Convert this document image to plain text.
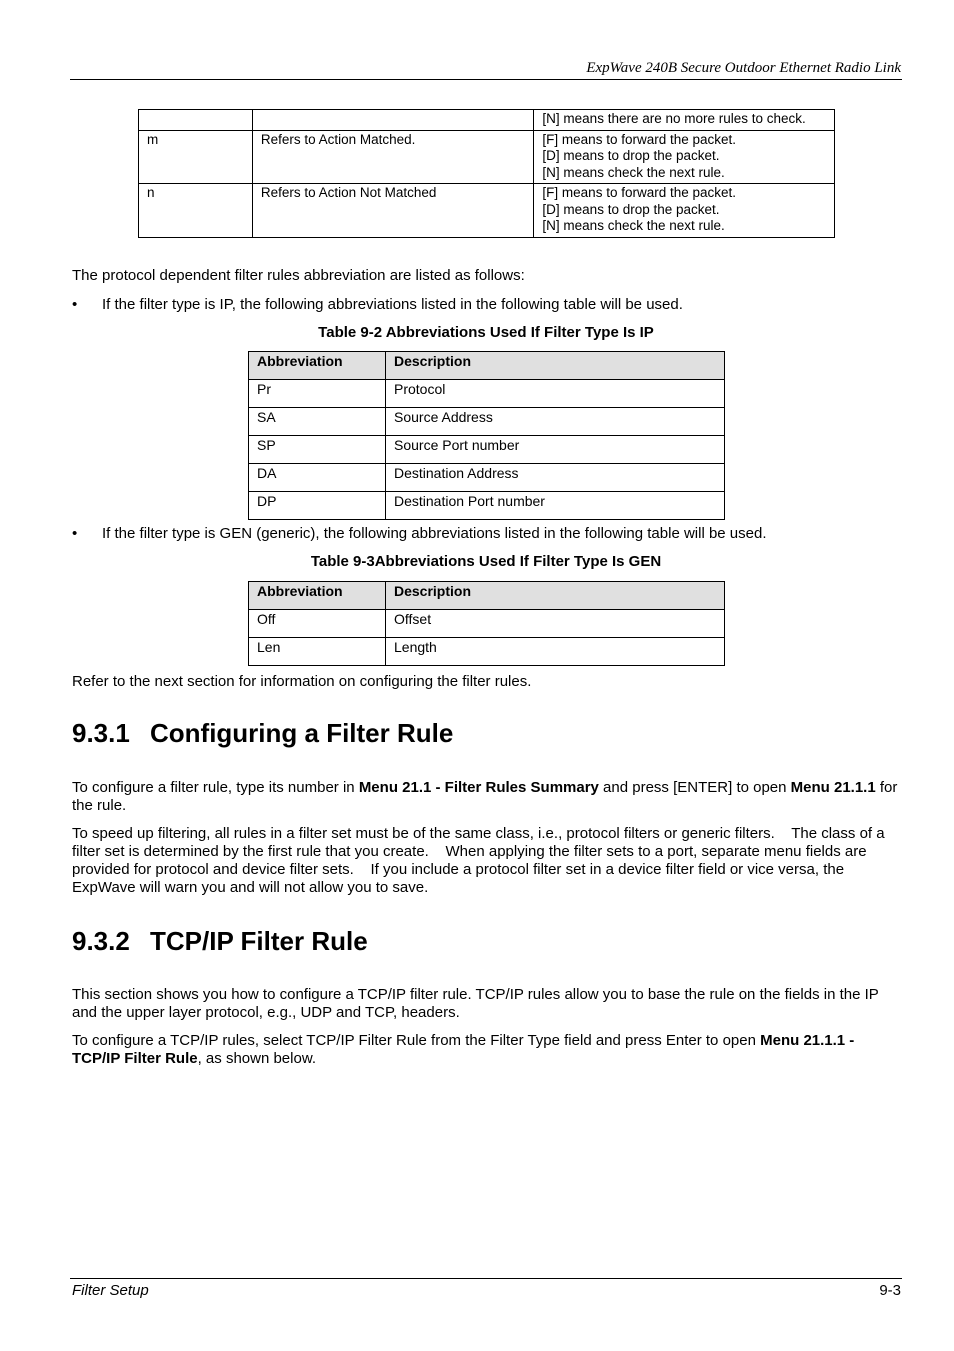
ExpWave 240B Secure Outdoor Ethernet Radio Link

		[N] means there are no more rules to check.

m	Refers to Action Matched.	[F] means to forward the packet.
[D] means to drop the packet.
[N] means check the next rule.

n	Refers to Action Not Matched	[F] means to forward the packet.
[D] means to drop the packet.
[N] means check the next rule.
The protocol dependent filter rules abbreviation are listed as follows:
• If the filter type is IP, the following abbreviations listed in the following table will be used.
Table 9-2 Abbreviations Used If Filter Type Is IP
Abbreviation	Description
Pr	Protocol
SA	Source Address
SP	Source Port number
DA	Destination Address
DP	Destination Port number
• If the filter type is GEN (generic), the following abbreviations listed in the following table will be used.
Table 9-3Abbreviations Used If Filter Type Is GEN
Abbreviation	Description
Off	Offset
Len	Length
Refer to the next section for information on configuring the filter rules.
9.3.1 Configuring a Filter Rule
To configure a filter rule, type its number in Menu 21.1 - Filter Rules Summary and press [ENTER] to open Menu 21.1.1 for the rule.
To speed up filtering, all rules in a filter set must be of the same class, i.e., protocol filters or generic filters.    The class of a filter set is determined by the first rule that you create.    When applying the filter sets to a port, separate menu fields are provided for protocol and device filter sets.    If you include a protocol filter set in a device filter field or vice versa, the ExpWave will warn you and will not allow you to save.
9.3.2 TCP/IP Filter Rule
This section shows you how to configure a TCP/IP filter rule. TCP/IP rules allow you to base the rule on the fields in the IP and the upper layer protocol, e.g., UDP and TCP, headers.
To configure a TCP/IP rules, select TCP/IP Filter Rule from the Filter Type field and press Enter to open Menu 21.1.1 - TCP/IP Filter Rule, as shown below.
Filter Setup	9-3
